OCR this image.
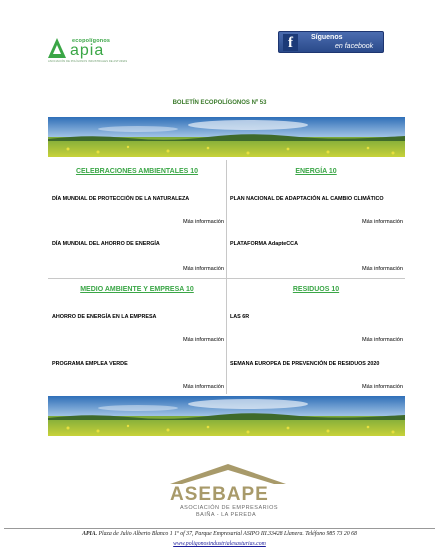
ecopolígonos
apia
ASOCIACIÓN DE POLÍGONOS INDUSTRIALES DE ASTURIAS
f	Síguenos
en facebook
BOLETÍN ECOPOLÍGONOS Nº 53
CELEBRACIONES AMBIENTALES 10
DÍA MUNDIAL DE PROTECCIÓN DE LA NATURALEZA
Más información
DÍA MUNDIAL DEL AHORRO DE ENERGÍA
Más información
ENERGÍA 10
PLAN NACIONAL DE ADAPTACIÓN AL CAMBIO CLIMÁTICO
Más información
PLATAFORMA AdapteCCA
Más información
MEDIO AMBIENTE Y EMPRESA 10
AHORRO DE ENERGÍA EN LA EMPRESA
Más información
PROGRAMA EMPLEA VERDE
Más información
RESIDUOS 10
LAS 6R
Más información
SEMANA EUROPEA DE PREVENCIÓN DE RESIDUOS 2020
Más información
ASEBAPE
ASOCIACIÓN DE EMPRESARIOS
BAIÑA - LA PEREDA
APIA. Plaza de Julio Alberto Blanco 1 1º of 37, Parque Empresarial ASIPO III.33428 Llanera. Teléfono 985 73 20 68
www.poligonosindustrialesasturias.com
